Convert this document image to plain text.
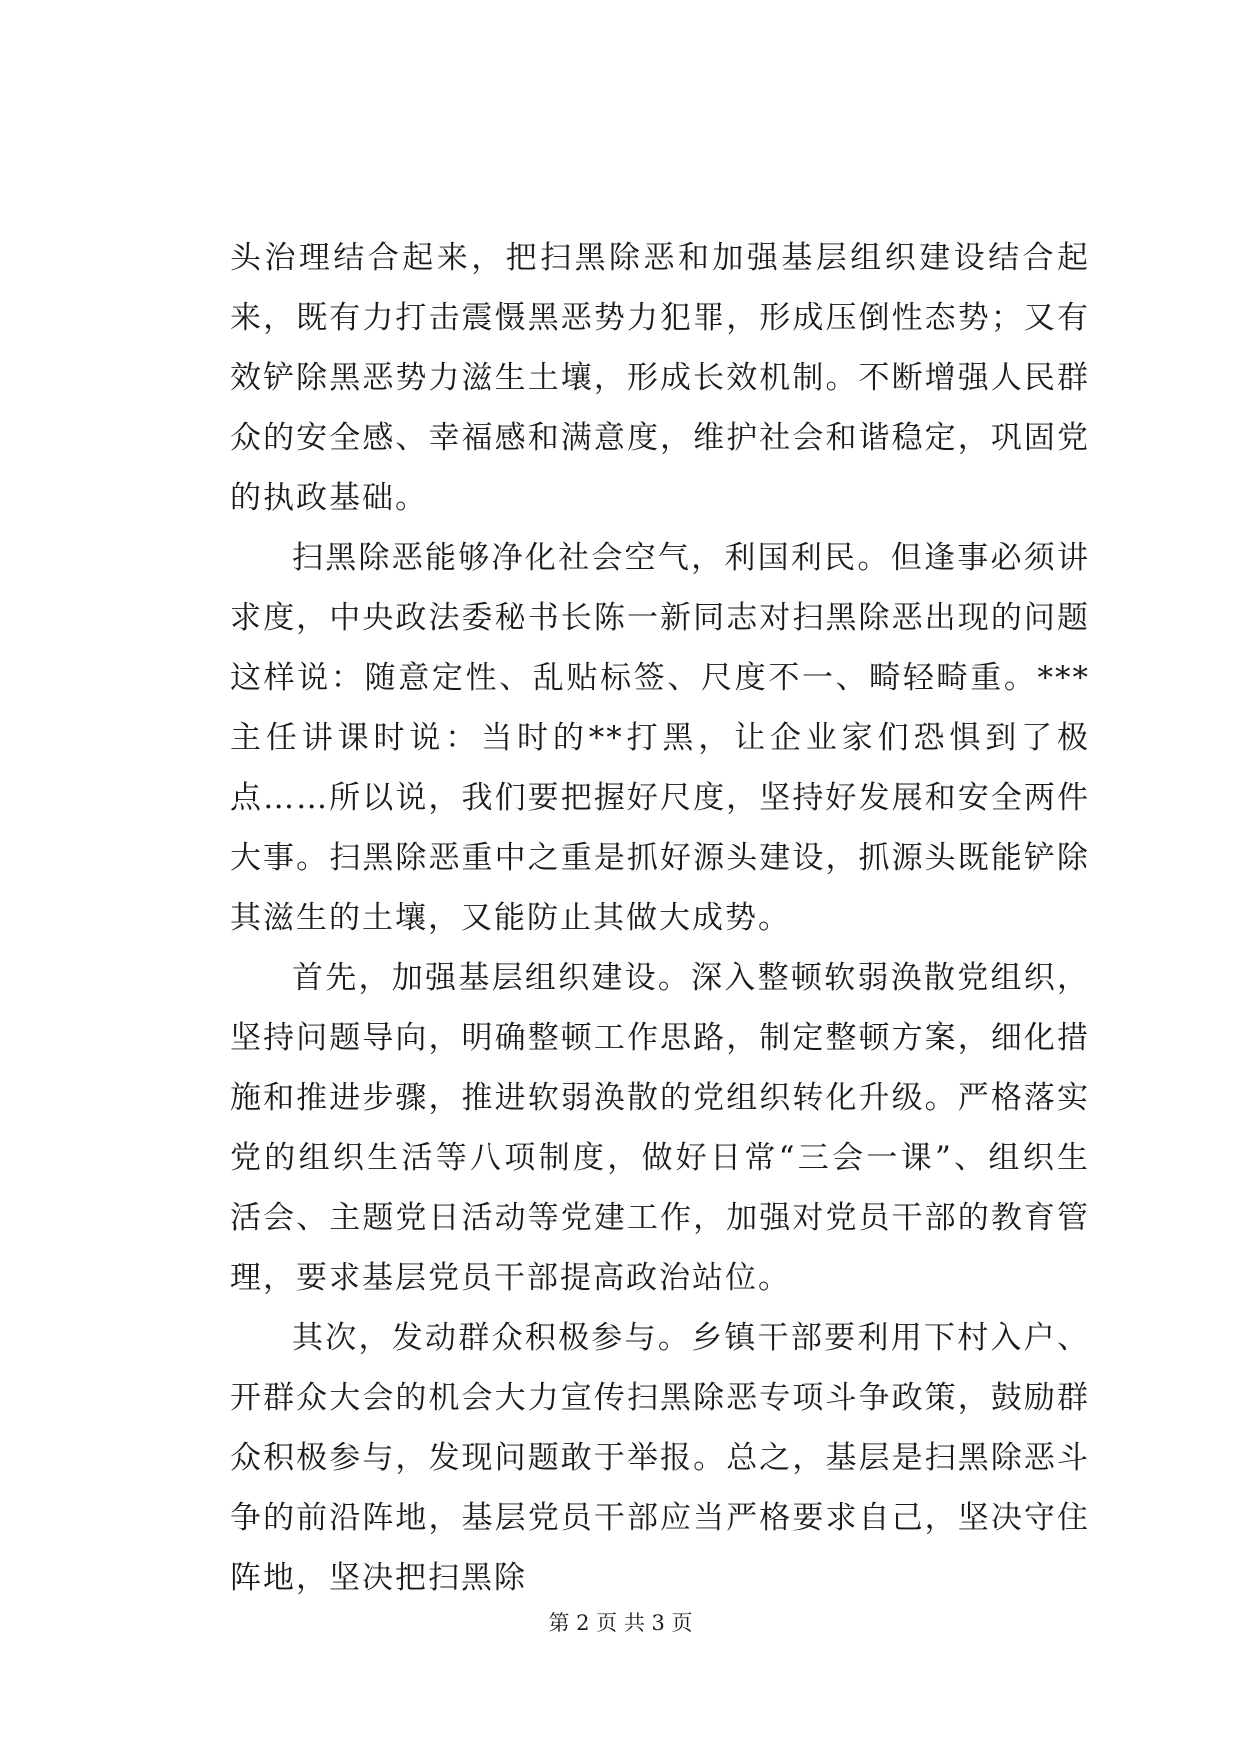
头治理结合起来，把扫黑除恶和加强基层组织建设结合起来，既有力打击震慑黑恶势力犯罪，形成压倒性态势；又有效铲除黑恶势力滋生土壤，形成长效机制。不断增强人民群众的安全感、幸福感和满意度，维护社会和谐稳定，巩固党的执政基础。

扫黑除恶能够净化社会空气，利国利民。但逢事必须讲求度，中央政法委秘书长陈一新同志对扫黑除恶出现的问题这样说：随意定性、乱贴标签、尺度不一、畸轻畸重。***主任讲课时说：当时的**打黑，让企业家们恐惧到了极点……所以说，我们要把握好尺度，坚持好发展和安全两件大事。扫黑除恶重中之重是抓好源头建设，抓源头既能铲除其滋生的土壤，又能防止其做大成势。

首先，加强基层组织建设。深入整顿软弱涣散党组织，坚持问题导向，明确整顿工作思路，制定整顿方案，细化措施和推进步骤，推进软弱涣散的党组织转化升级。严格落实党的组织生活等八项制度，做好日常“三会一课”、组织生活会、主题党日活动等党建工作，加强对党员干部的教育管理，要求基层党员干部提高政治站位。

其次，发动群众积极参与。乡镇干部要利用下村入户、开群众大会的机会大力宣传扫黑除恶专项斗争政策，鼓励群众积极参与，发现问题敢于举报。总之，基层是扫黑除恶斗争的前沿阵地，基层党员干部应当严格要求自己，坚决守住阵地，坚决把扫黑除

第 2 页 共 3 页
